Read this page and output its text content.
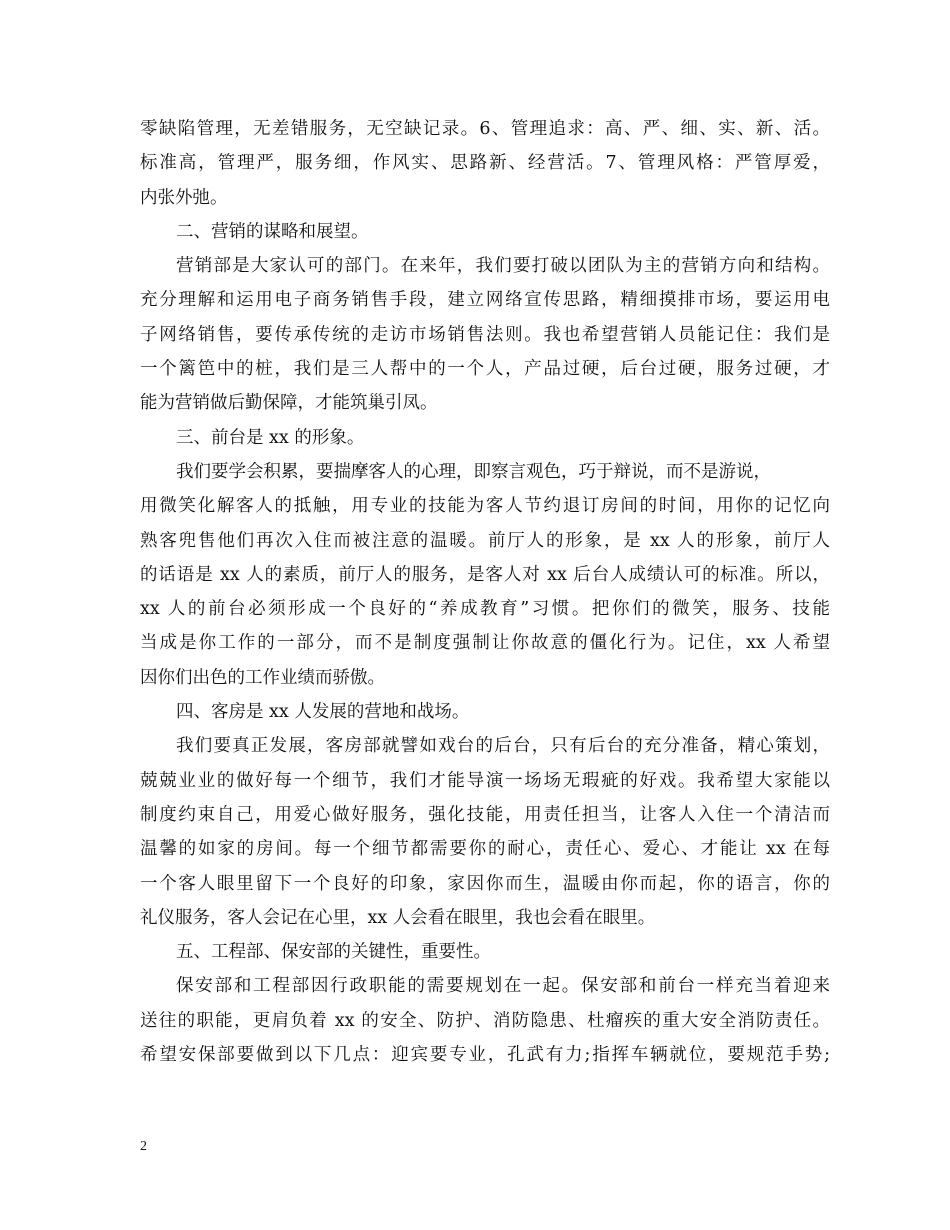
零缺陷管理，无差错服务，无空缺记录。6、管理追求：高、严、细、实、新、活。
标准高，管理严，服务细，作风实、思路新、经营活。7、管理风格：严管厚爱，
内张外弛。
二、营销的谋略和展望。
营销部是大家认可的部门。在来年，我们要打破以团队为主的营销方向和结构。
充分理解和运用电子商务销售手段，建立网络宣传思路，精细摸排市场，要运用电
子网络销售，要传承传统的走访市场销售法则。我也希望营销人员能记住：我们是
一个篱笆中的桩，我们是三人帮中的一个人，产品过硬，后台过硬，服务过硬，才
能为营销做后勤保障，才能筑巢引凤。
三、前台是 xx 的形象。
我们要学会积累，要揣摩客人的心理，即察言观色，巧于辩说，而不是游说，
用微笑化解客人的抵触，用专业的技能为客人节约退订房间的时间，用你的记忆向
熟客兜售他们再次入住而被注意的温暖。前厅人的形象，是 xx 人的形象，前厅人
的话语是 xx 人的素质，前厅人的服务，是客人对 xx 后台人成绩认可的标准。所以，
xx 人的前台必须形成一个良好的“养成教育”习惯。把你们的微笑，服务、技能
当成是你工作的一部分，而不是制度强制让你故意的僵化行为。记住，xx 人希望
因你们出色的工作业绩而骄傲。
四、客房是 xx 人发展的营地和战场。
我们要真正发展，客房部就譬如戏台的后台，只有后台的充分准备，精心策划，
兢兢业业的做好每一个细节，我们才能导演一场场无瑕疵的好戏。我希望大家能以
制度约束自己，用爱心做好服务，强化技能，用责任担当，让客人入住一个清洁而
温馨的如家的房间。每一个细节都需要你的耐心，责任心、爱心、才能让 xx 在每
一个客人眼里留下一个良好的印象，家因你而生，温暖由你而起，你的语言，你的
礼仪服务，客人会记在心里，xx 人会看在眼里，我也会看在眼里。
五、工程部、保安部的关键性，重要性。
保安部和工程部因行政职能的需要规划在一起。保安部和前台一样充当着迎来
送往的职能，更肩负着 xx 的安全、防护、消防隐患、杜瘤疾的重大安全消防责任。
希望安保部要做到以下几点：迎宾要专业，孔武有力;指挥车辆就位，要规范手势;
2
